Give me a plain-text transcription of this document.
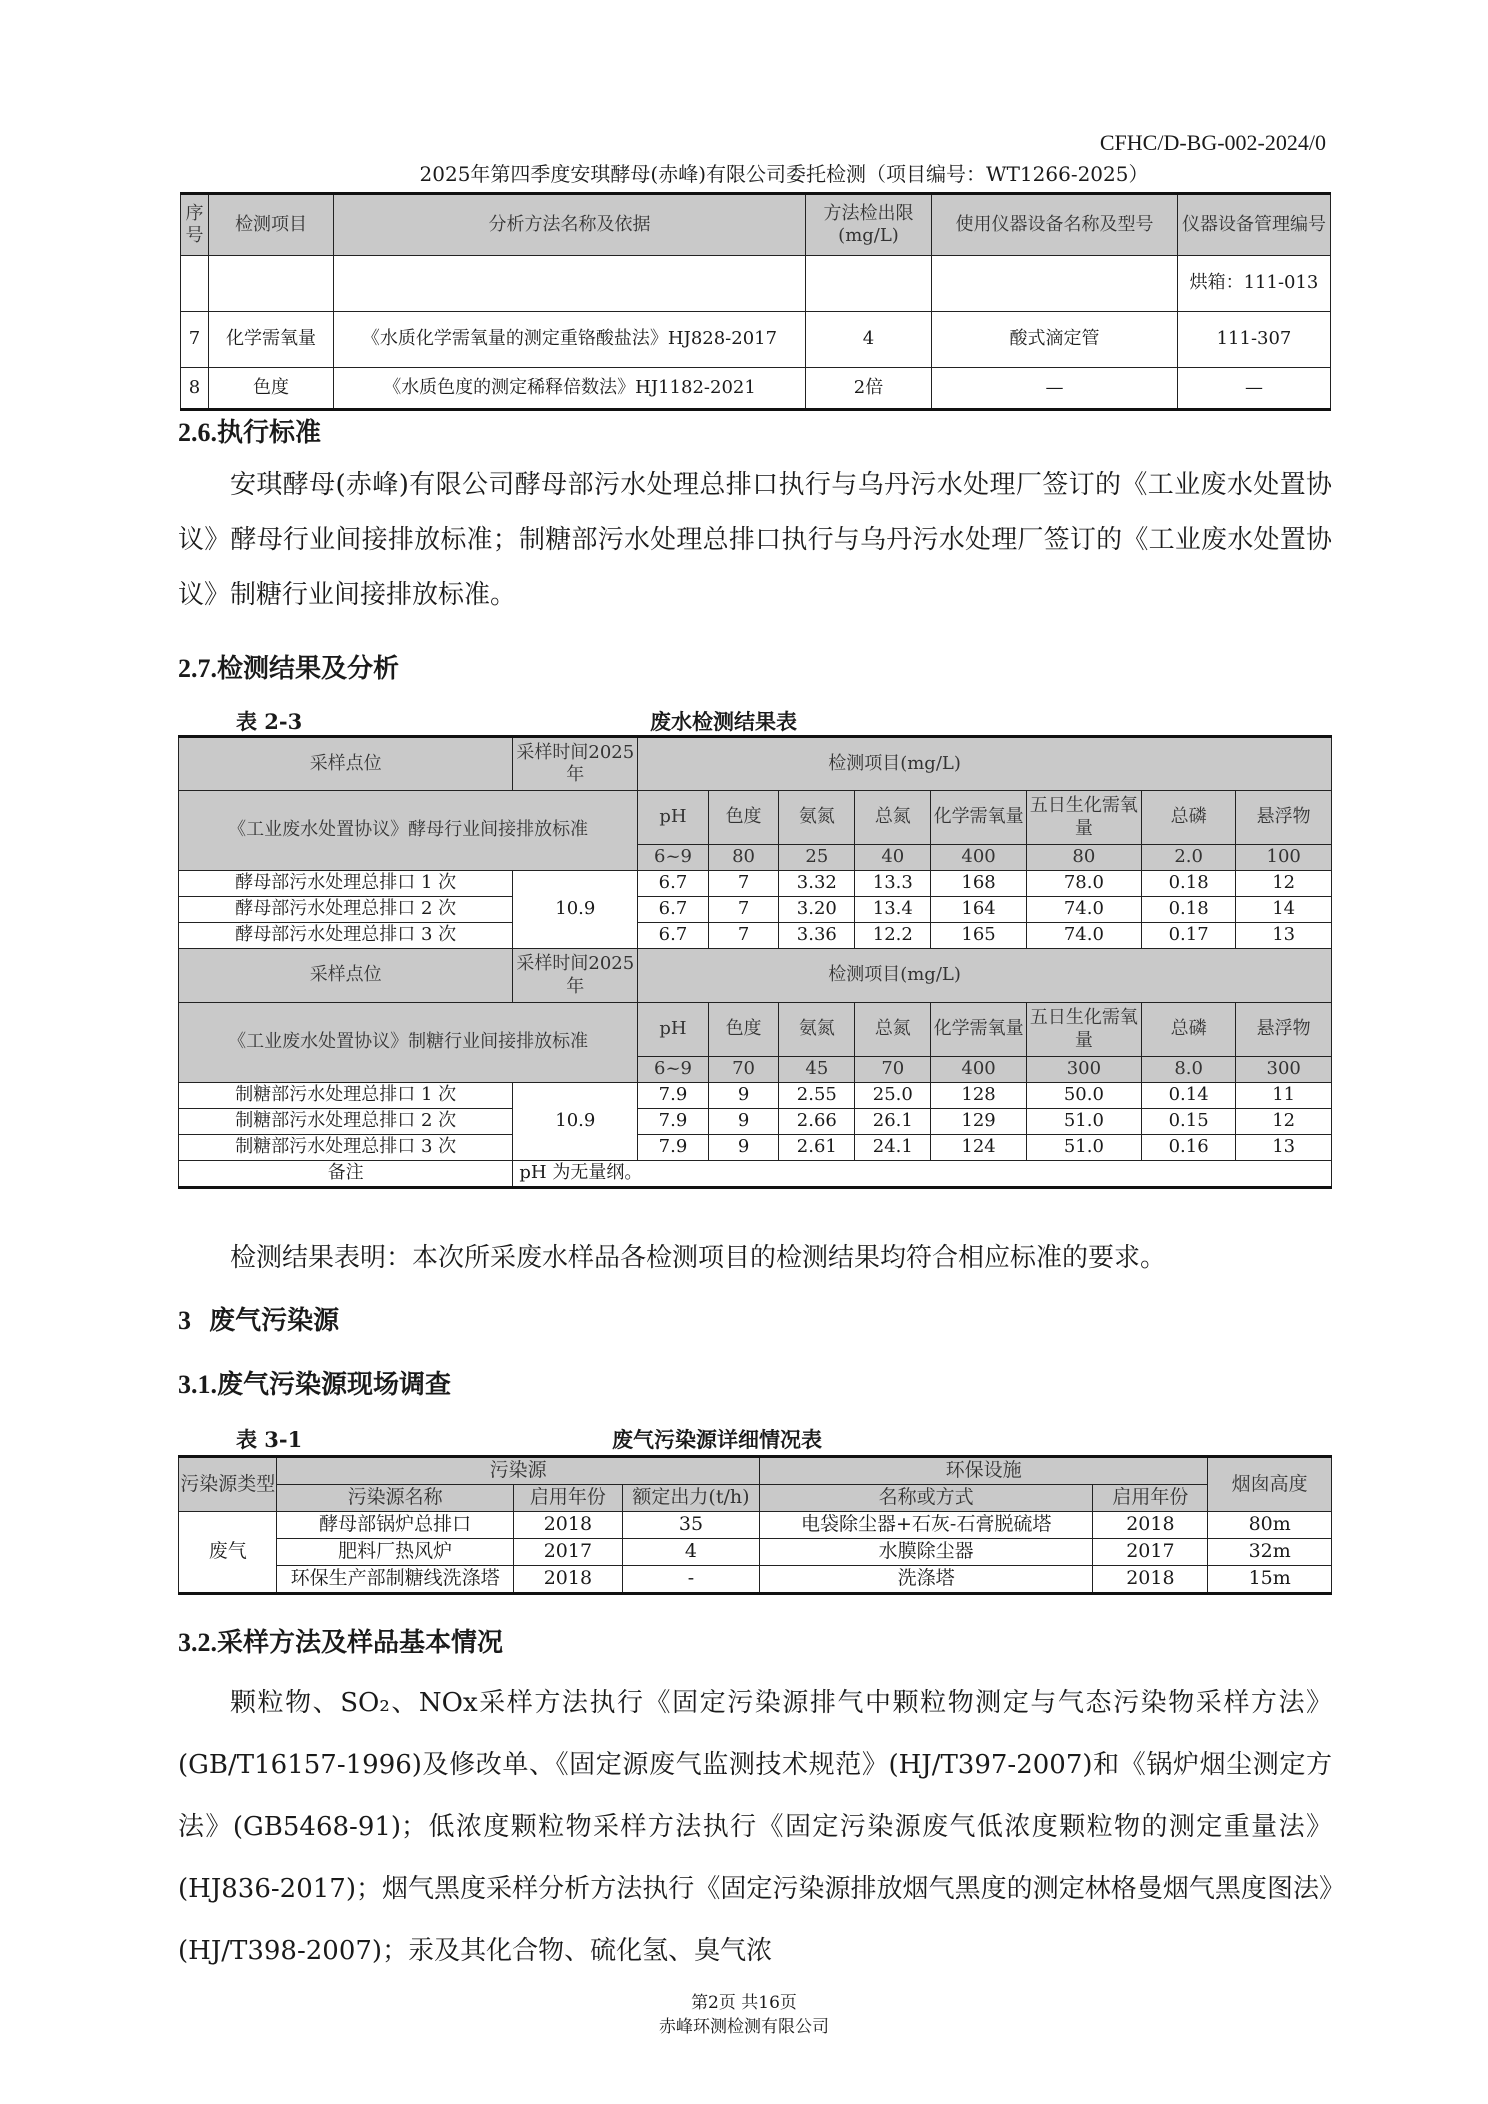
CFHC/D-BG-002-2024/0
2025年第四季度安琪酵母(赤峰)有限公司委托检测（项目编号：WT1266-2025）
序号	检测项目	分析方法名称及依据	方法检出限(mg/L)	使用仪器设备名称及型号	仪器设备管理编号
					烘箱：111-013
7	化学需氧量	《水质化学需氧量的测定重铬酸盐法》HJ828-2017	4	酸式滴定管	111-307
8	色度	《水质色度的测定稀释倍数法》HJ1182-2021	2倍	—	—
2.6.执行标准
安琪酵母(赤峰)有限公司酵母部污水处理总排口执行与乌丹污水处理厂签订的《工业废水处置协议》酵母行业间接排放标准；制糖部污水处理总排口执行与乌丹污水处理厂签订的《工业废水处置协议》制糖行业间接排放标准。
2.7.检测结果及分析
表 2-3	废水检测结果表
采样点位	采样时间2025年	检测项目(mg/L)							
《工业废水处置协议》酵母行业间接排放标准		pH	色度	氨氮	总氮	化学需氧量	五日生化需氧量	总磷	悬浮物
		6~9	80	25	40	400	80	2.0	100
酵母部污水处理总排口 1 次	10.9	6.7	7	3.32	13.3	168	78.0	0.18	12
酵母部污水处理总排口 2 次		6.7	7	3.20	13.4	164	74.0	0.18	14
酵母部污水处理总排口 3 次		6.7	7	3.36	12.2	165	74.0	0.17	13
采样点位	采样时间2025年	检测项目(mg/L)							
《工业废水处置协议》制糖行业间接排放标准		pH	色度	氨氮	总氮	化学需氧量	五日生化需氧量	总磷	悬浮物
		6~9	70	45	70	400	300	8.0	300
制糖部污水处理总排口 1 次	10.9	7.9	9	2.55	25.0	128	50.0	0.14	11
制糖部污水处理总排口 2 次		7.9	9	2.66	26.1	129	51.0	0.15	12
制糖部污水处理总排口 3 次		7.9	9	2.61	24.1	124	51.0	0.16	13
备注	pH 为无量纲。								
检测结果表明：本次所采废水样品各检测项目的检测结果均符合相应标准的要求。
3 废气污染源
3.1.废气污染源现场调查
表 3-1	废气污染源详细情况表
污染源类型	污染源			环保设施		烟囱高度
	污染源名称	启用年份	额定出力(t/h)	名称或方式	启用年份	
废气	酵母部锅炉总排口	2018	35	电袋除尘器+石灰-石膏脱硫塔	2018	80m
	肥料厂热风炉	2017	4	水膜除尘器	2017	32m
	环保生产部制糖线洗涤塔	2018	-	洗涤塔	2018	15m
3.2.采样方法及样品基本情况
颗粒物、SO₂、NOx采样方法执行《固定污染源排气中颗粒物测定与气态污染物采样方法》(GB/T16157-1996)及修改单、《固定源废气监测技术规范》(HJ/T397-2007)和《锅炉烟尘测定方法》(GB5468-91)；低浓度颗粒物采样方法执行《固定污染源废气低浓度颗粒物的测定重量法》(HJ836-2017)；烟气黑度采样分析方法执行《固定污染源排放烟气黑度的测定林格曼烟气黑度图法》(HJ/T398-2007)；汞及其化合物、硫化氢、臭气浓
第2页 共16页
赤峰环测检测有限公司
